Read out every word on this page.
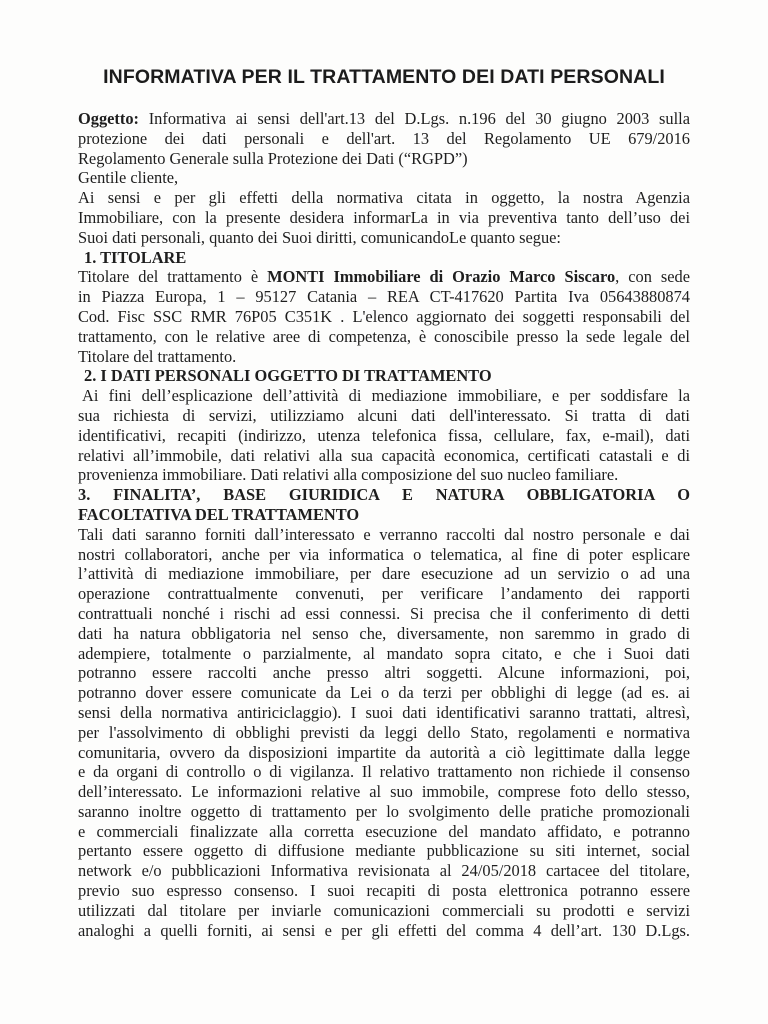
INFORMATIVA PER IL TRATTAMENTO DEI DATI PERSONALI
Oggetto: Informativa ai sensi dell'art.13 del D.Lgs. n.196 del 30 giugno 2003 sulla
protezione dei dati personali e dell'art. 13 del Regolamento UE 679/2016
Regolamento Generale sulla Protezione dei Dati (“RGPD”)
Gentile cliente,
Ai sensi e per gli effetti della normativa citata in oggetto, la nostra Agenzia
Immobiliare, con la presente desidera informarLa in via preventiva tanto dell’uso dei
Suoi dati personali, quanto dei Suoi diritti, comunicandoLe quanto segue:
1. TITOLARE
Titolare del trattamento è MONTI Immobiliare di Orazio Marco Siscaro, con sede
in Piazza Europa, 1 – 95127 Catania – REA CT-417620 Partita Iva 05643880874
Cod. Fisc SSC RMR 76P05 C351K . L'elenco aggiornato dei soggetti responsabili del
trattamento, con le relative aree di competenza, è conoscibile presso la sede legale del
Titolare del trattamento.
2. I DATI PERSONALI OGGETTO DI TRATTAMENTO
Ai fini dell’esplicazione dell’attività di mediazione immobiliare, e per soddisfare la
sua richiesta di servizi, utilizziamo alcuni dati dell'interessato. Si tratta di dati
identificativi, recapiti (indirizzo, utenza telefonica fissa, cellulare, fax, e-mail), dati
relativi all’immobile, dati relativi alla sua capacità economica, certificati catastali e di
provenienza immobiliare. Dati relativi alla composizione del suo nucleo familiare.
3. FINALITA’, BASE GIURIDICA E NATURA OBBLIGATORIA O
FACOLTATIVA DEL TRATTAMENTO
Tali dati saranno forniti dall’interessato e verranno raccolti dal nostro personale e dai
nostri collaboratori, anche per via informatica o telematica, al fine di poter esplicare
l’attività di mediazione immobiliare, per dare esecuzione ad un servizio o ad una
operazione contrattualmente convenuti, per verificare l’andamento dei rapporti
contrattuali nonché i rischi ad essi connessi. Si precisa che il conferimento di detti
dati ha natura obbligatoria nel senso che, diversamente, non saremmo in grado di
adempiere, totalmente o parzialmente, al mandato sopra citato, e che i Suoi dati
potranno essere raccolti anche presso altri soggetti. Alcune informazioni, poi,
potranno dover essere comunicate da Lei o da terzi per obblighi di legge (ad es. ai
sensi della normativa antiriciclaggio). I suoi dati identificativi saranno trattati, altresì,
per l'assolvimento di obblighi previsti da leggi dello Stato, regolamenti e normativa
comunitaria, ovvero da disposizioni impartite da autorità a ciò legittimate dalla legge
e da organi di controllo o di vigilanza. Il relativo trattamento non richiede il consenso
dell’interessato. Le informazioni relative al suo immobile, comprese foto dello stesso,
saranno inoltre oggetto di trattamento per lo svolgimento delle pratiche promozionali
e commerciali finalizzate alla corretta esecuzione del mandato affidato, e potranno
pertanto essere oggetto di diffusione mediante pubblicazione su siti internet, social
network e/o pubblicazioni Informativa revisionata al 24/05/2018 cartacee del titolare,
previo suo espresso consenso. I suoi recapiti di posta elettronica potranno essere
utilizzati dal titolare per inviarle comunicazioni commerciali su prodotti e servizi
analoghi a quelli forniti, ai sensi e per gli effetti del comma 4 dell’art. 130 D.Lgs.
